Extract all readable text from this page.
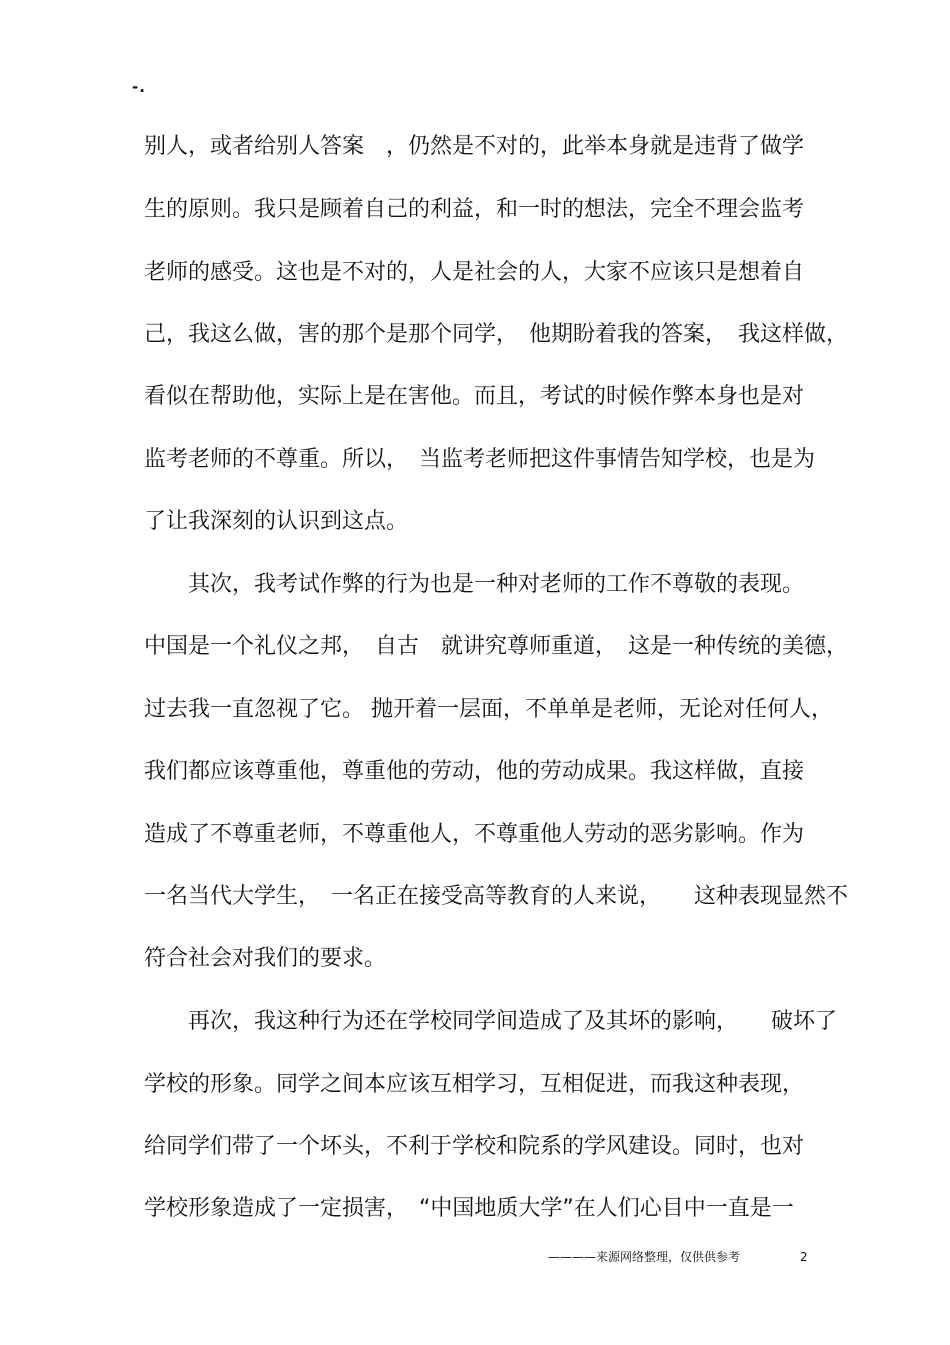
-.
别人，或者给别人答案　，仍然是不对的，此举本身就是违背了做学
生的原则。我只是顾着自己的利益，和一时的想法，完全不理会监考
老师的感受。这也是不对的，人是社会的人，大家不应该只是想着自
己，我这么做，害的那个是那个同学，　他期盼着我的答案，　我这样做，
看似在帮助他，实际上是在害他。而且，考试的时候作弊本身也是对
监考老师的不尊重。所以，　当监考老师把这件事情告知学校，也是为
了让我深刻的认识到这点。
　　其次，我考试作弊的行为也是一种对老师的工作不尊敬的表现。
中国是一个礼仪之邦，　自古　就讲究尊师重道，　这是一种传统的美德，
过去我一直忽视了它。 抛开着一层面，不单单是老师，无论对任何人，
我们都应该尊重他，尊重他的劳动，他的劳动成果。我这样做，直接
造成了不尊重老师，不尊重他人，不尊重他人劳动的恶劣影响。作为
一名当代大学生，　一名正在接受高等教育的人来说，　　这种表现显然不
符合社会对我们的要求。
　　再次，我这种行为还在学校同学间造成了及其坏的影响，　　破坏了
学校的形象。同学之间本应该互相学习，互相促进，而我这种表现，
给同学们带了一个坏头，不利于学校和院系的学风建设。同时，也对
学校形象造成了一定损害，　“中国地质大学”在人们心目中一直是一
————来源网络整理，仅供供参考	2
